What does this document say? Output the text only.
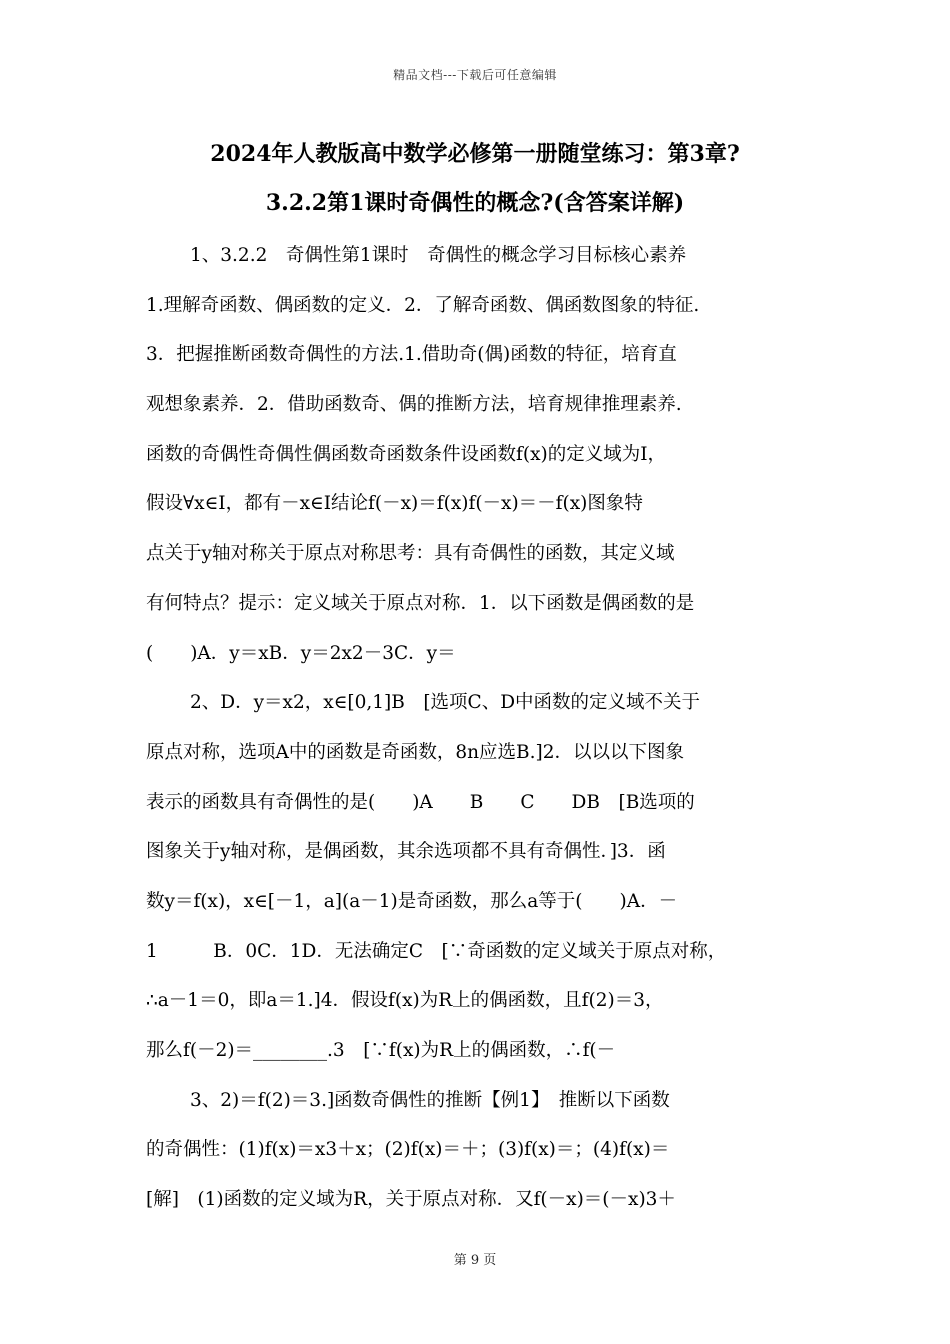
精品文档---下载后可任意编辑
2024年人教版高中数学必修第一册随堂练习：第3章?
3.2.2第1课时奇偶性的概念?(含答案详解)
1、3.2.2　奇偶性第1课时　奇偶性的概念学习目标核心素养
1.理解奇函数、偶函数的定义．2．了解奇函数、偶函数图象的特征.
3．把握推断函数奇偶性的方法.1.借助奇(偶)函数的特征，培育直
观想象素养．2．借助函数奇、偶的推断方法，培育规律推理素养.
函数的奇偶性奇偶性偶函数奇函数条件设函数f(x)的定义域为I，
假设∀x∈I，都有－x∈I结论f(－x)＝f(x)f(－x)＝－f(x)图象特
点关于y轴对称关于原点对称思考：具有奇偶性的函数，其定义域
有何特点？提示：定义域关于原点对称．1．以下函数是偶函数的是
(　　)A．y＝xB．y＝2x2－3C．y＝
2、D．y＝x2，x∈[0,1]B　[选项C、D中函数的定义域不关于
原点对称，选项A中的函数是奇函数，8n应选B.]2．以以以下图象
表示的函数具有奇偶性的是(　　)A　　B　　C　　DB　[B选项的
图象关于y轴对称，是偶函数，其余选项都不具有奇偶性．]3．函
数y＝f(x)，x∈[－1，a](a－1)是奇函数，那么a等于(　　)A．－
1　　　B．0C．1D．无法确定C　[∵奇函数的定义域关于原点对称，
∴a－1＝0，即a＝1.]4．假设f(x)为R上的偶函数，且f(2)＝3，
那么f(－2)＝________.3　[∵f(x)为R上的偶函数，∴f(－
3、2)＝f(2)＝3.]函数奇偶性的推断【例1】　推断以下函数
的奇偶性：(1)f(x)＝x3＋x；(2)f(x)＝＋；(3)f(x)＝；(4)f(x)＝
[解]　(1)函数的定义域为R，关于原点对称．又f(－x)＝(－x)3＋
第 9 页
